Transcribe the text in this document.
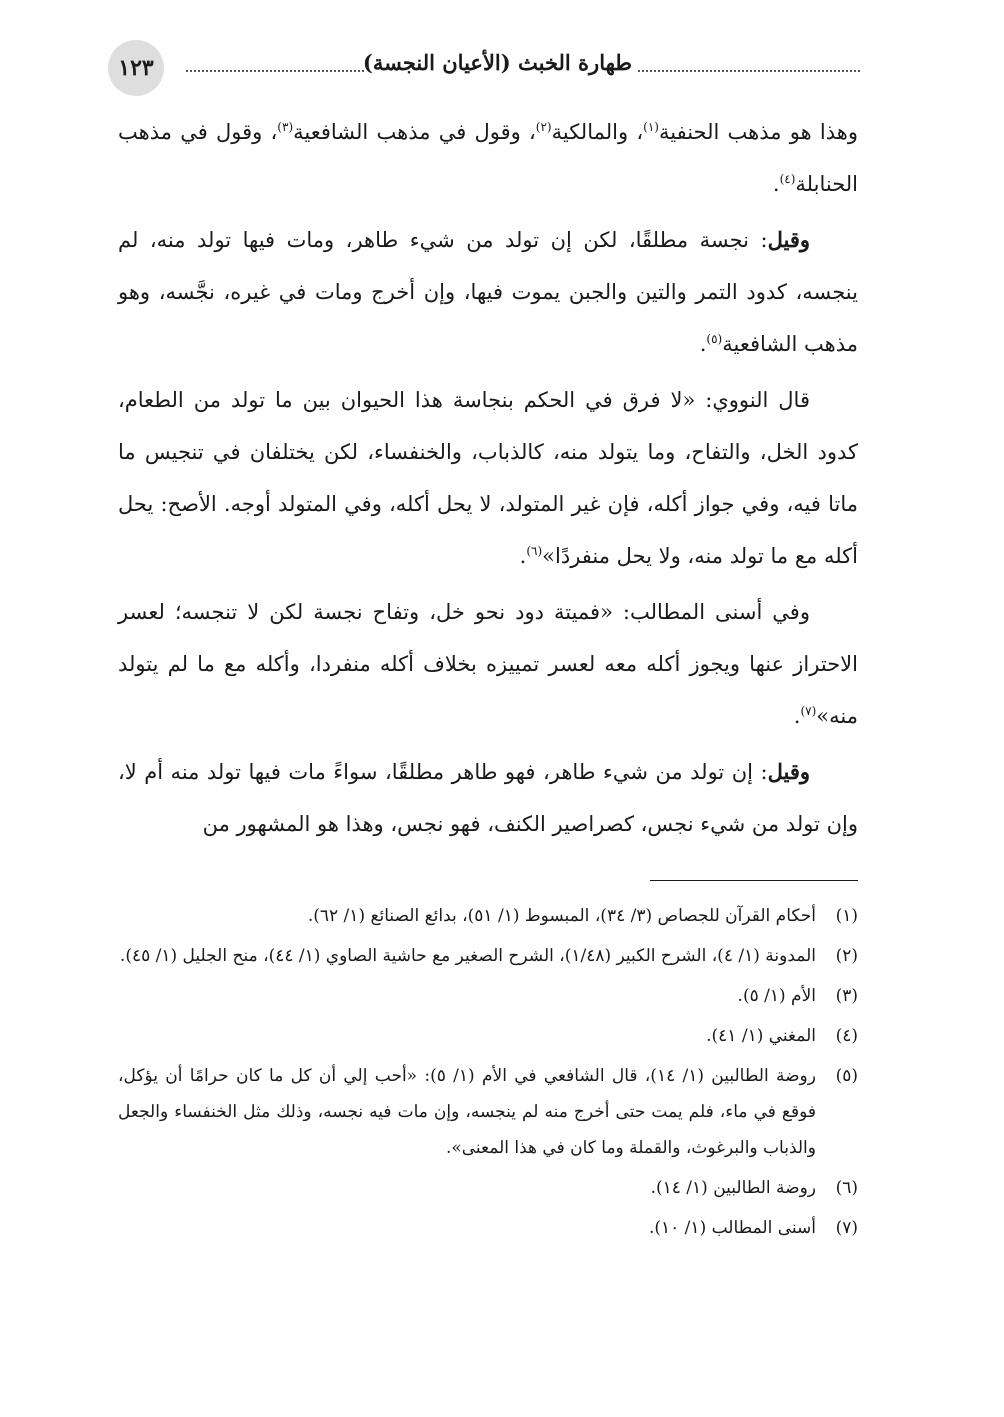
طهارة الخبث (الأعيان النجسة)
١٢٣

وهذا هو مذهب الحنفية$^{(١)}$، والمالكية$^{(٢)}$، وقول في مذهب الشافعية$^{(٣)}$، وقول في مذهب الحنابلة$^{(٤)}$.

وقيل: نجسة مطلقًا، لكن إن تولد من شيء طاهر، ومات فيها تولد منه، لم ينجسه، كدود التمر والتين والجبن يموت فيها، وإن أخرج ومات في غيره، نجَّسه، وهو مذهب الشافعية$^{(٥)}$.

قال النووي: «لا فرق في الحكم بنجاسة هذا الحيوان بين ما تولد من الطعام، كدود الخل، والتفاح، وما يتولد منه، كالذباب، والخنفساء، لكن يختلفان في تنجيس ما ماتا فيه، وفي جواز أكله، فإن غير المتولد، لا يحل أكله، وفي المتولد أوجه. الأصح: يحل أكله مع ما تولد منه، ولا يحل منفردًا»$^{(٦)}$.

وفي أسنى المطالب: «فميتة دود نحو خل، وتفاح نجسة لكن لا تنجسه؛ لعسر الاحتراز عنها ويجوز أكله معه لعسر تمييزه بخلاف أكله منفردا، وأكله مع ما لم يتولد منه»$^{(٧)}$.

وقيل: إن تولد من شيء طاهر، فهو طاهر مطلقًا، سواءً مات فيها تولد منه أم لا، وإن تولد من شيء نجس، كصراصير الكنف، فهو نجس، وهذا هو المشهور من

(١)
أحكام القرآن للجصاص (٣/ ٣٤)، المبسوط (١/ ٥١)، بدائع الصنائع (١/ ٦٢).
(٢)
المدونة (١/ ٤)، الشرح الكبير (١/٤٨)، الشرح الصغير مع حاشية الصاوي (١/ ٤٤)، منح الجليل (١/ ٤٥).
(٣)
الأم (١/ ٥).
(٤)
المغني (١/ ٤١).
(٥)
روضة الطالبين (١/ ١٤)، قال الشافعي في الأم (١/ ٥): «أحب إلي أن كل ما كان حرامًا أن يؤكل، فوقع في ماء، فلم يمت حتى أخرج منه لم ينجسه، وإن مات فيه نجسه، وذلك مثل الخنفساء والجعل والذباب والبرغوث، والقملة وما كان في هذا المعنى».
(٦)
روضة الطالبين (١/ ١٤).
(٧)
أسنى المطالب (١/ ١٠).
